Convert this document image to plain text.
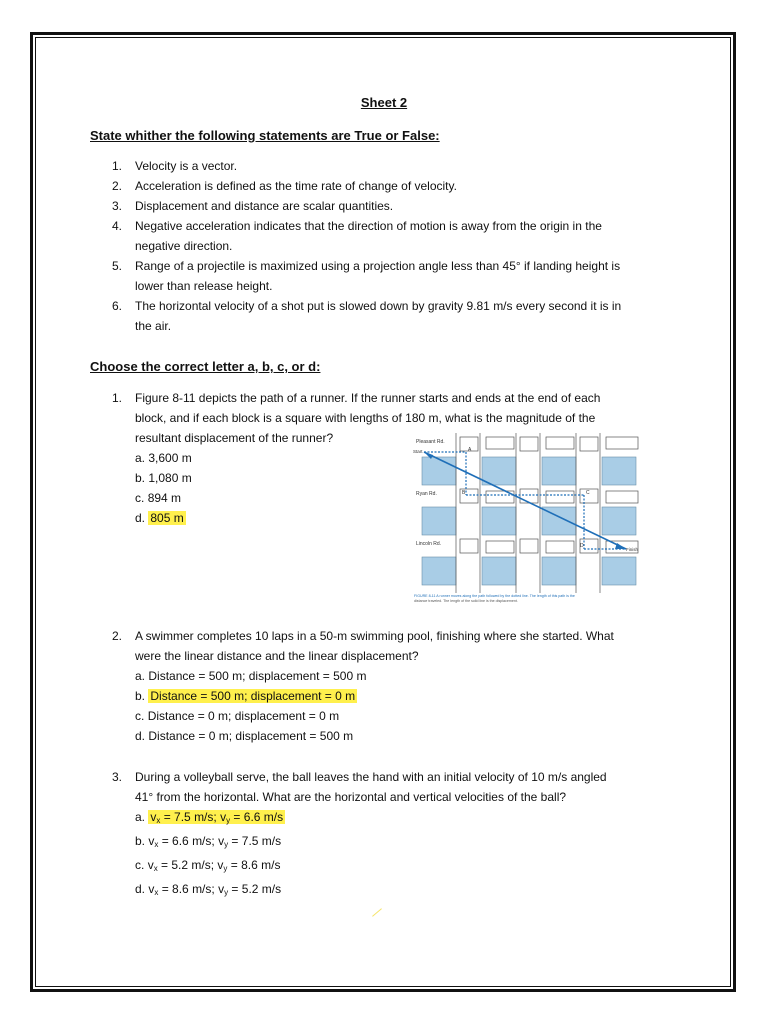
Sheet 2
State whither the following statements are True or False:
1. Velocity is a vector.
2. Acceleration is defined as the time rate of change of velocity.
3. Displacement and distance are scalar quantities.
4. Negative acceleration indicates that the direction of motion is away from the origin in the
negative direction.
5. Range of a projectile is maximized using a projection angle less than 45° if landing height is
lower than release height.
6. The horizontal velocity of a shot put is slowed down by gravity 9.81 m/s every second it is in
the air.
Choose the correct letter a, b, c, or d:
1. Figure 8-11 depicts the path of a runner. If the runner starts and ends at the end of each
block, and if each block is a square with lengths of 180 m, what is the magnitude of the
resultant displacement of the runner?
a. 3,600 m
b. 1,080 m
c. 894 m
d. 805 m
Pleasant Rd.
Ryan Rd.
Lincoln Rd.
Start
Finish
A
B	C
D
FIGURE 8-11 A runner moves along the path followed by the dotted line. The length of this path is the
distance traveled. The length of the solid line is the displacement.
2. A swimmer completes 10 laps in a 50-m swimming pool, finishing where she started. What
were the linear distance and the linear displacement?
a. Distance = 500 m; displacement = 500 m
b. Distance = 500 m; displacement = 0 m
c. Distance = 0 m; displacement = 0 m
d. Distance = 0 m; displacement = 500 m
3. During a volleyball serve, the ball leaves the hand with an initial velocity of 10 m/s angled
41° from the horizontal. What are the horizontal and vertical velocities of the ball?
a. $v_x = 7.5$ m/s; $v_y = 6.6$ m/s
b. $v_x = 6.6$ m/s; $v_y = 7.5$ m/s
c. $v_x = 5.2$ m/s; $v_y = 8.6$ m/s
d. $v_x = 8.6$ m/s; $v_y = 5.2$ m/s
